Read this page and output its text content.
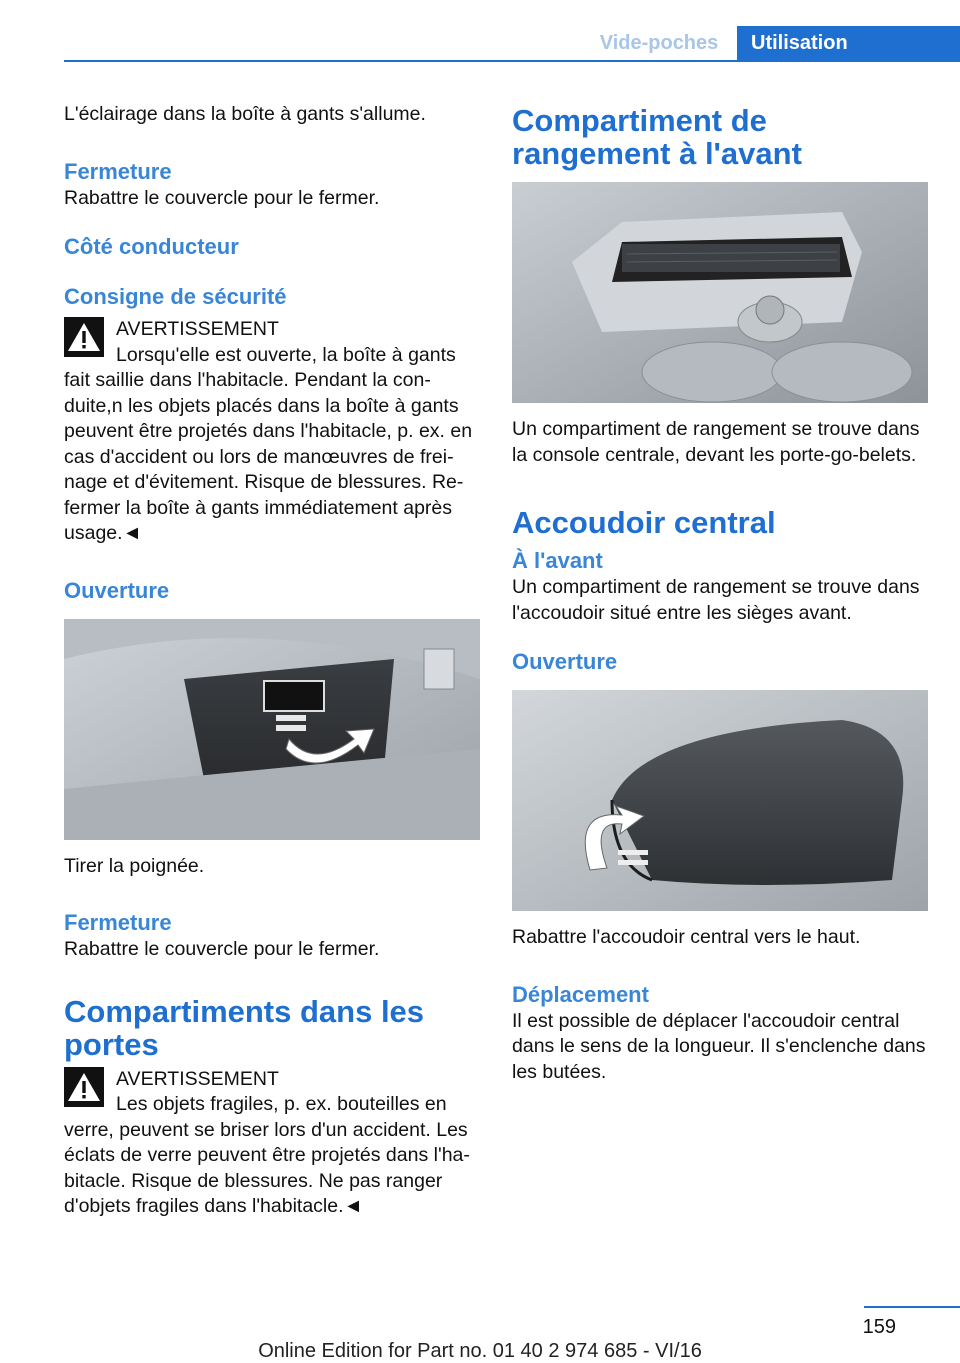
Vide-poches	Utilisation

L'éclairage dans la boîte à gants s'allume.

Fermeture

Rabattre le couvercle pour le fermer.

Côté conducteur
Consigne de sécurité
AVERTISSEMENT
Lorsqu'elle est ouverte, la boîte à gants
fait saillie dans l'habitacle. Pendant la con-duite,n les objets placés dans la boîte à gants peuvent être projetés dans l'habitacle, p. ex. en cas d'accident ou lors de manœuvres de frei-nage et d'évitement. Risque de blessures. Re-fermer la boîte à gants immédiatement après usage.◄
Ouverture

Tirer la poignée.

Fermeture

Rabattre le couvercle pour le fermer.

Compartiments dans les portes
AVERTISSEMENT
Les objets fragiles, p. ex. bouteilles en
verre, peuvent se briser lors d'un accident. Les éclats de verre peuvent être projetés dans l'ha-bitacle. Risque de blessures. Ne pas ranger d'objets fragiles dans l'habitacle.◄
Compartiment de rangement à l'avant

Un compartiment de rangement se trouve dans la console centrale, devant les porte-go-belets.

Accoudoir central
À l'avant

Un compartiment de rangement se trouve dans l'accoudoir situé entre les sièges avant.

Ouverture

Rabattre l'accoudoir central vers le haut.

Déplacement

Il est possible de déplacer l'accoudoir central dans le sens de la longueur. Il s'enclenche dans les butées.

159
Online Edition for Part no. 01 40 2 974 685 - VI/16
